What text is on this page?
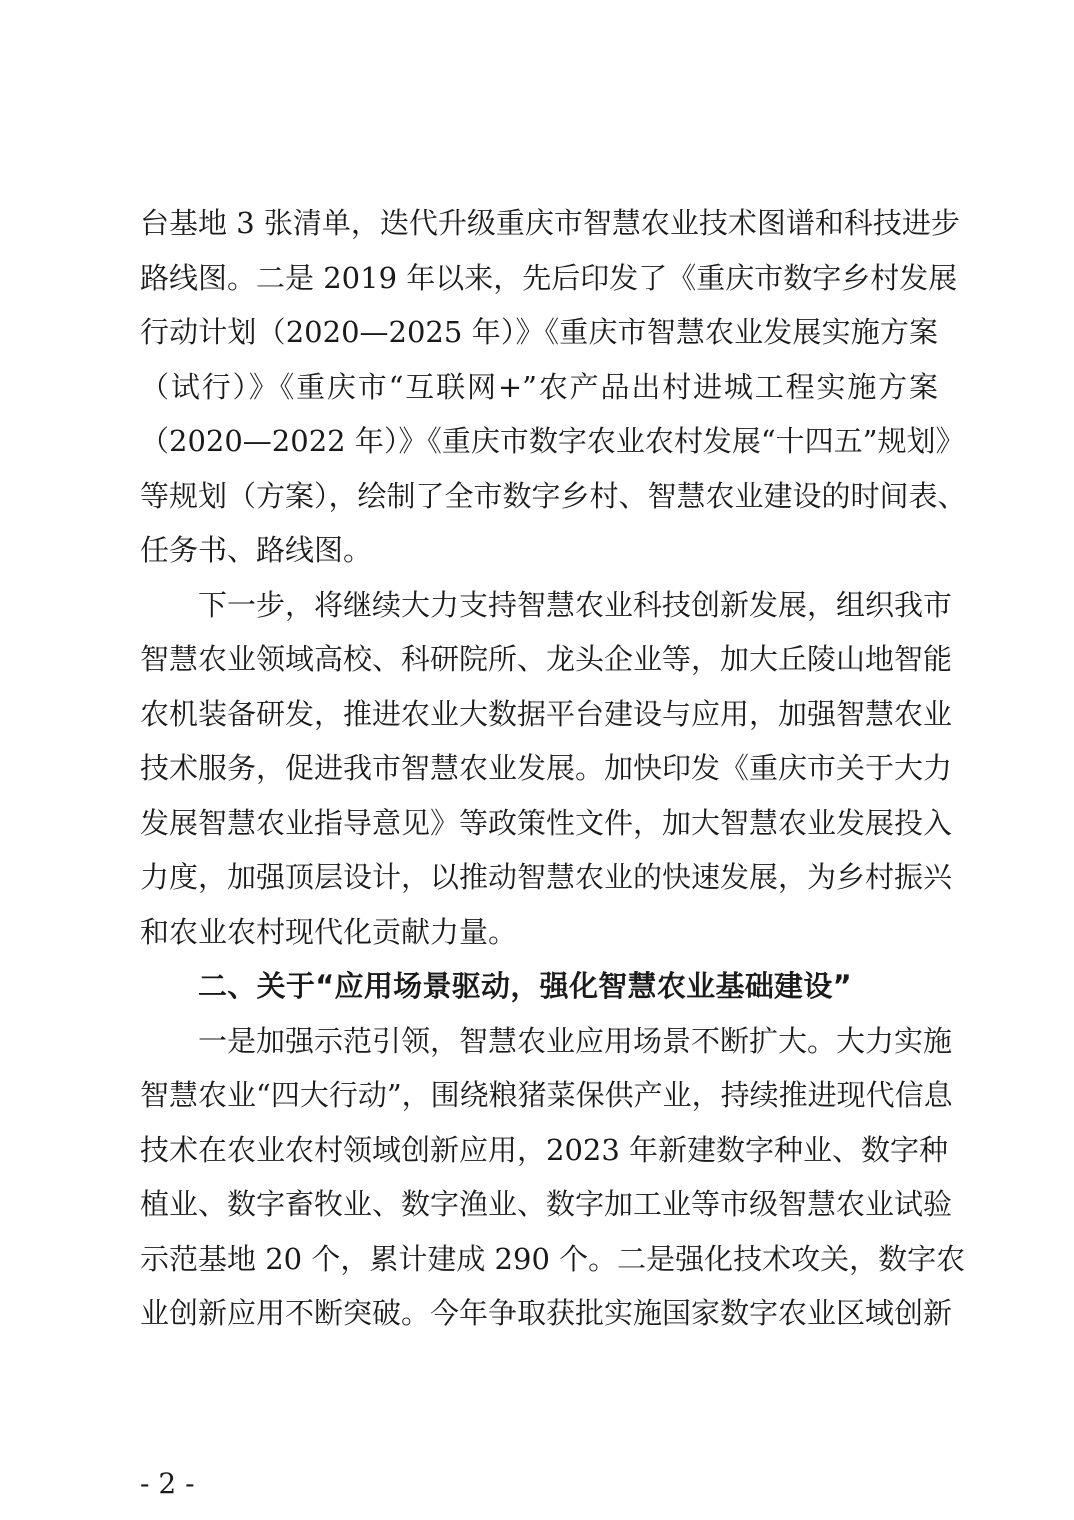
台基地 3 张清单，迭代升级重庆市智慧农业技术图谱和科技进步
路线图。二是 2019 年以来，先后印发了《重庆市数字乡村发展
行动计划（2020—2025 年）》《重庆市智慧农业发展实施方案
（试行）》《重庆市“互联网+”农产品出村进城工程实施方案
（2020—2022 年）》《重庆市数字农业农村发展“十四五”规划》
等规划（方案），绘制了全市数字乡村、智慧农业建设的时间表、
任务书、路线图。
下一步，将继续大力支持智慧农业科技创新发展，组织我市
智慧农业领域高校、科研院所、龙头企业等，加大丘陵山地智能
农机装备研发，推进农业大数据平台建设与应用，加强智慧农业
技术服务，促进我市智慧农业发展。加快印发《重庆市关于大力
发展智慧农业指导意见》等政策性文件，加大智慧农业发展投入
力度，加强顶层设计，以推动智慧农业的快速发展，为乡村振兴
和农业农村现代化贡献力量。
二、关于“应用场景驱动，强化智慧农业基础建设”
一是加强示范引领，智慧农业应用场景不断扩大。大力实施
智慧农业“四大行动”，围绕粮猪菜保供产业，持续推进现代信息
技术在农业农村领域创新应用，2023 年新建数字种业、数字种
植业、数字畜牧业、数字渔业、数字加工业等市级智慧农业试验
示范基地 20 个，累计建成 290 个。二是强化技术攻关，数字农
业创新应用不断突破。今年争取获批实施国家数字农业区域创新
- 2 -
